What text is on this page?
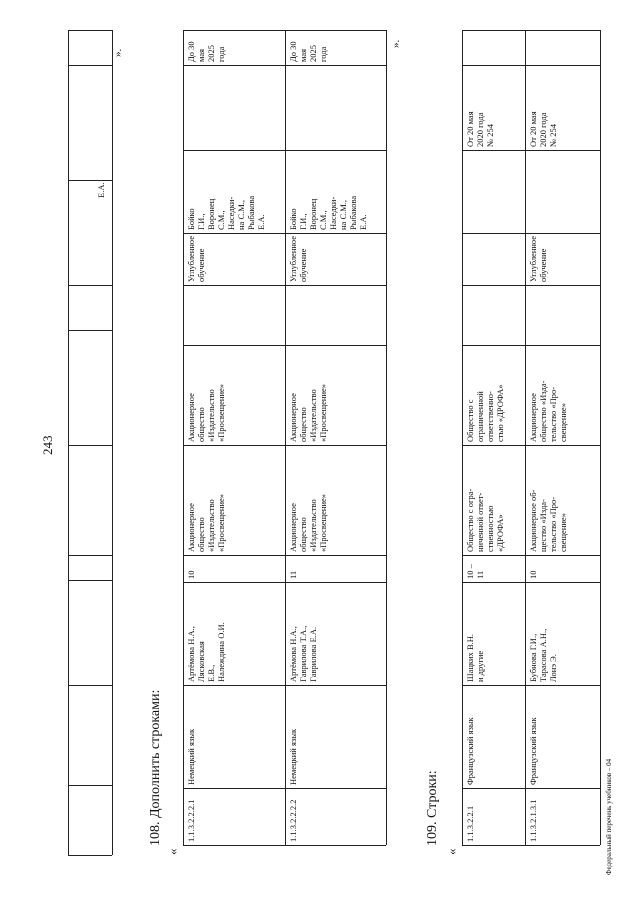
243
Федеральный перечень учебников – 04
Е.А.
».
108. Дополнить строками:
«
1.1.3.2.2.2.1
Немецкий язык
Артёмова Н.А.,
Лясковская
Е.В.,
Належдина О.И.
10
Акционерное
общество
«Издательство
«Просвещение»
Акционерное
общество
«Издательство
«Просвещение»
Углубленное
обучение
Бойко
Г.И.,
Воронец
С.М.,
Наседки-
на С.М.,
Рыбакова
Е.А.
До 30
мая
2025
года
1.1.3.2.2.2.2
Немецкий язык
Артёмова Н.А.,
Гаврилова Т.А.,
Гаврилова Е.А.
11
Акционерное
общество
«Издательство
«Просвещение»
Акционерное
общество
«Издательство
«Просвещение»
Углубленное
обучение
Бойко
Г.И.,
Воронец
С.М.,
Наседки-
на С.М.,
Рыбакова
Е.А.
До 30
мая
2025
года
».
109. Строки:
«
1.1.3.2.2.1
Французский язык
Шацких В.Н.
и другие
10 – 11
Общество с огра-
ниченной ответ-
ственностью
«ДРОФА»
Общество с
ограниченной
ответственно-
стью «ДРОФА»
От 20 мая
2020 года
№ 254
1.1.3.2.1.3.1
Французский язык
Бубнова Г.И.,
Тарасова А.Н.,
Лонэ Э.
10
Акционерное об-
щество «Изда-
тельство «Про-
свещение»
Акционерное
общество «Изда-
тельство «Про-
свещение»
Углубленное
обучение
От 20 мая
2020 года
№ 254
